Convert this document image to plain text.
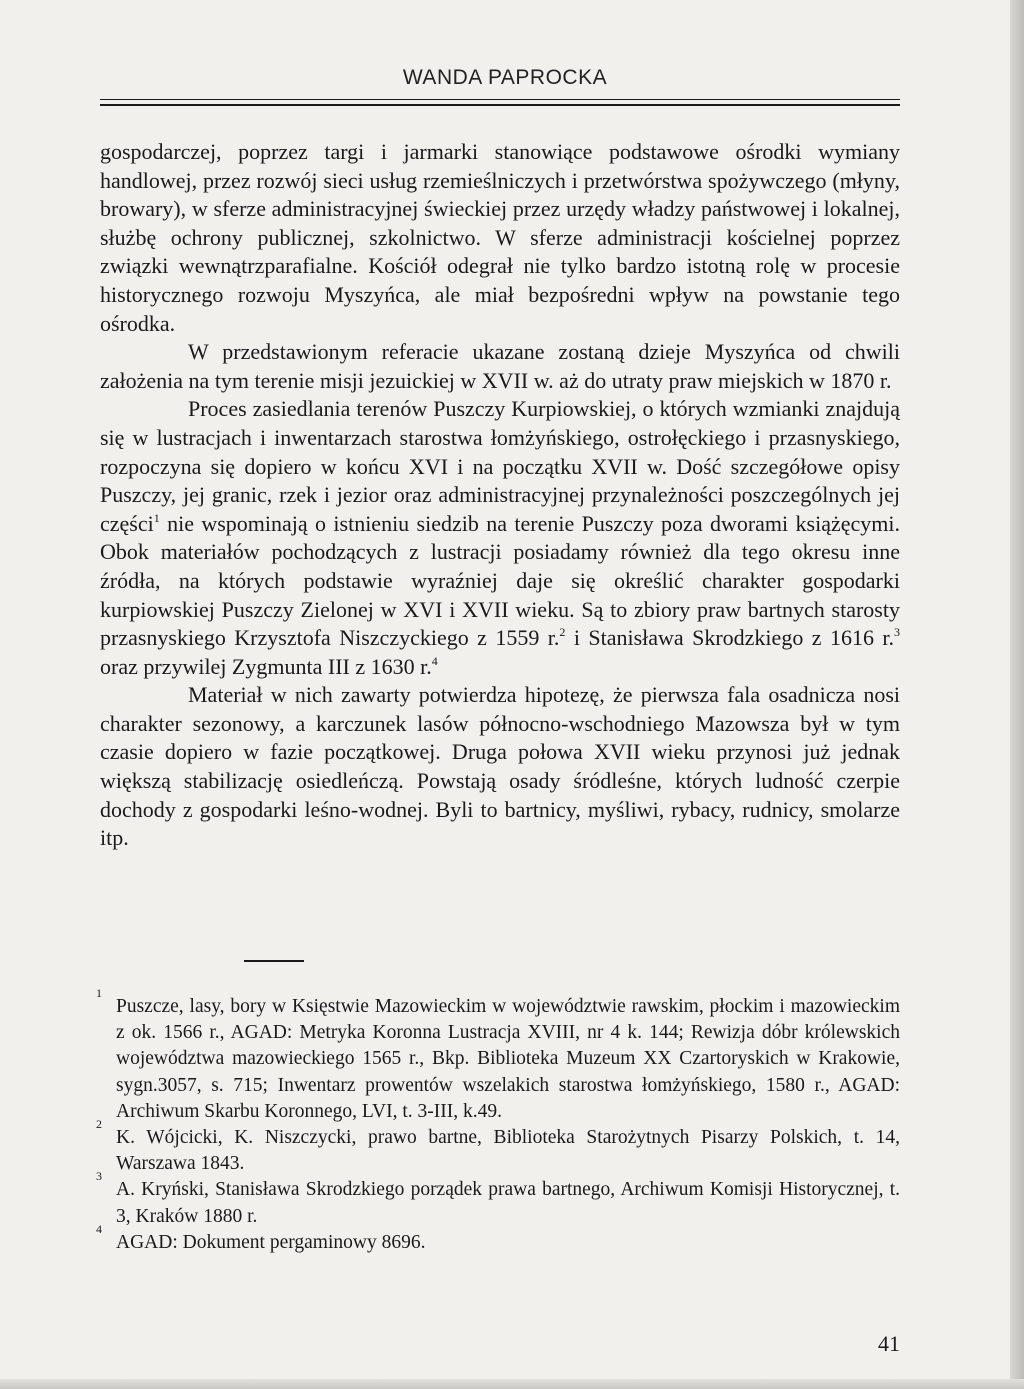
WANDA PAPROCKA

gospodarczej, poprzez targi i jarmarki stanowiące podstawowe ośrodki wymiany handlowej, przez rozwój sieci usług rzemieślniczych i przetwórstwa spożywczego (młyny, browary), w sferze administracyjnej świeckiej przez urzędy władzy państwowej i lokalnej, służbę ochrony publicznej, szkolnictwo. W sferze administracji kościelnej poprzez związki wewnątrzparafialne. Kościół odegrał nie tylko bardzo istotną rolę w procesie historycznego rozwoju Myszyńca, ale miał bezpośredni wpływ na powstanie tego ośrodka.

W przedstawionym referacie ukazane zostaną dzieje Myszyńca od chwili założenia na tym terenie misji jezuickiej w XVII w. aż do utraty praw miejskich w 1870 r.

Proces zasiedlania terenów Puszczy Kurpiowskiej, o których wzmianki znajdują się w lustracjach i inwentarzach starostwa łomżyńskiego, ostrołęckiego i przasnyskiego, rozpoczyna się dopiero w końcu XVI i na początku XVII w. Dość szczegółowe opisy Puszczy, jej granic, rzek i jezior oraz administracyjnej przynależności poszczególnych jej części$^1$ nie wspominają o istnieniu siedzib na terenie Puszczy poza dworami książęcymi. Obok materiałów pochodzących z lustracji posiadamy również dla tego okresu inne źródła, na których podstawie wyraźniej daje się określić charakter gospodarki kurpiowskiej Puszczy Zielonej w XVI i XVII wieku. Są to zbiory praw bartnych starosty przasnyskiego Krzysztofa Niszczyckiego z 1559 r.$^2$ i Stanisława Skrodzkiego z 1616 r.$^3$ oraz przywilej Zygmunta III z 1630 r.$^4$

Materiał w nich zawarty potwierdza hipotezę, że pierwsza fala osadnicza nosi charakter sezonowy, a karczunek lasów północno-wschodniego Mazowsza był w tym czasie dopiero w fazie początkowej. Druga połowa XVII wieku przynosi już jednak większą stabilizację osiedleńczą. Powstają osady śródleśne, których ludność czerpie dochody z gospodarki leśno-wodnej. Byli to bartnicy, myśliwi, rybacy, rudnicy, smolarze itp.

1
Puszcze, lasy, bory w Księstwie Mazowieckim w województwie rawskim, płockim i mazowieckim z ok. 1566 r., AGAD: Metryka Koronna Lustracja XVIII, nr 4 k. 144; Rewizja dóbr królewskich województwa mazowieckiego 1565 r., Bkp. Biblioteka Muzeum XX Czartoryskich w Krakowie, sygn.3057, s. 715; Inwentarz prowentów wszelakich starostwa łomżyńskiego, 1580 r., AGAD: Archiwum Skarbu Koronnego, LVI, t. 3-III, k.49.
2
K. Wójcicki, K. Niszczycki, prawo bartne, Biblioteka Starożytnych Pisarzy Polskich, t. 14, Warszawa 1843.
3
A. Kryński, Stanisława Skrodzkiego porządek prawa bartnego, Archiwum Komisji Historycznej, t. 3, Kraków 1880 r.
4
AGAD: Dokument pergaminowy 8696.
41
